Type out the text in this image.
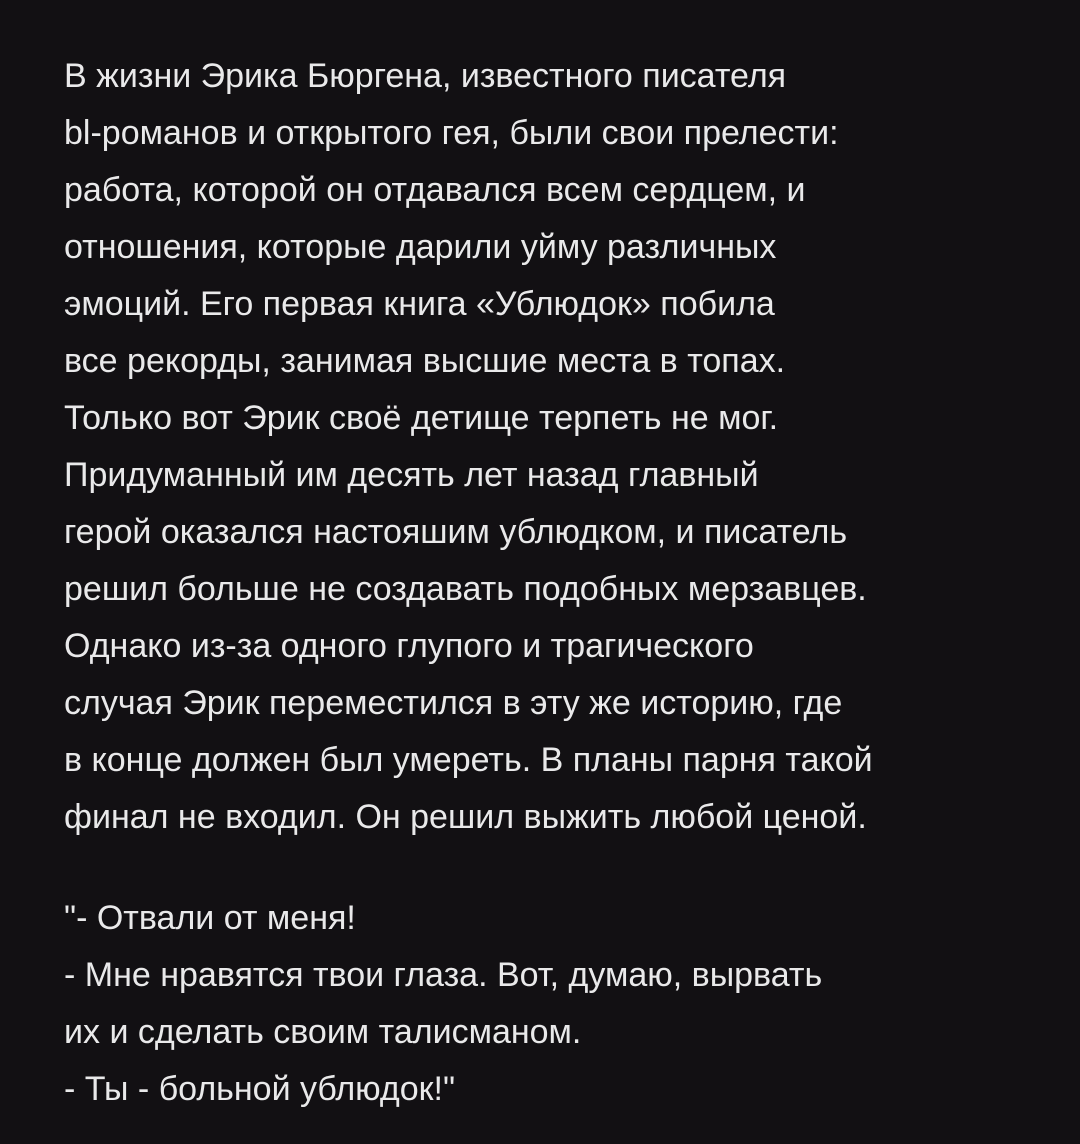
В жизни Эрика Бюргена, известного писателя
bl-романов и открытого гея, были свои прелести:
работа, которой он отдавался всем сердцем, и
отношения, которые дарили уйму различных
эмоций. Его первая книга «Ублюдок» побила
все рекорды, занимая высшие места в топах.
Только вот Эрик своё детище терпеть не мог.
Придуманный им десять лет назад главный
герой оказался настояшим ублюдком, и писатель
решил больше не создавать подобных мерзавцев.
Однако из-за одного глупого и трагического
случая Эрик переместился в эту же историю, где
в конце должен был умереть. В планы парня такой
финал не входил. Он решил выжить любой ценой.
"- Отвали от меня!
- Мне нравятся твои глаза. Вот, думаю, вырвать
их и сделать своим талисманом.
- Ты - больной ублюдок!"
